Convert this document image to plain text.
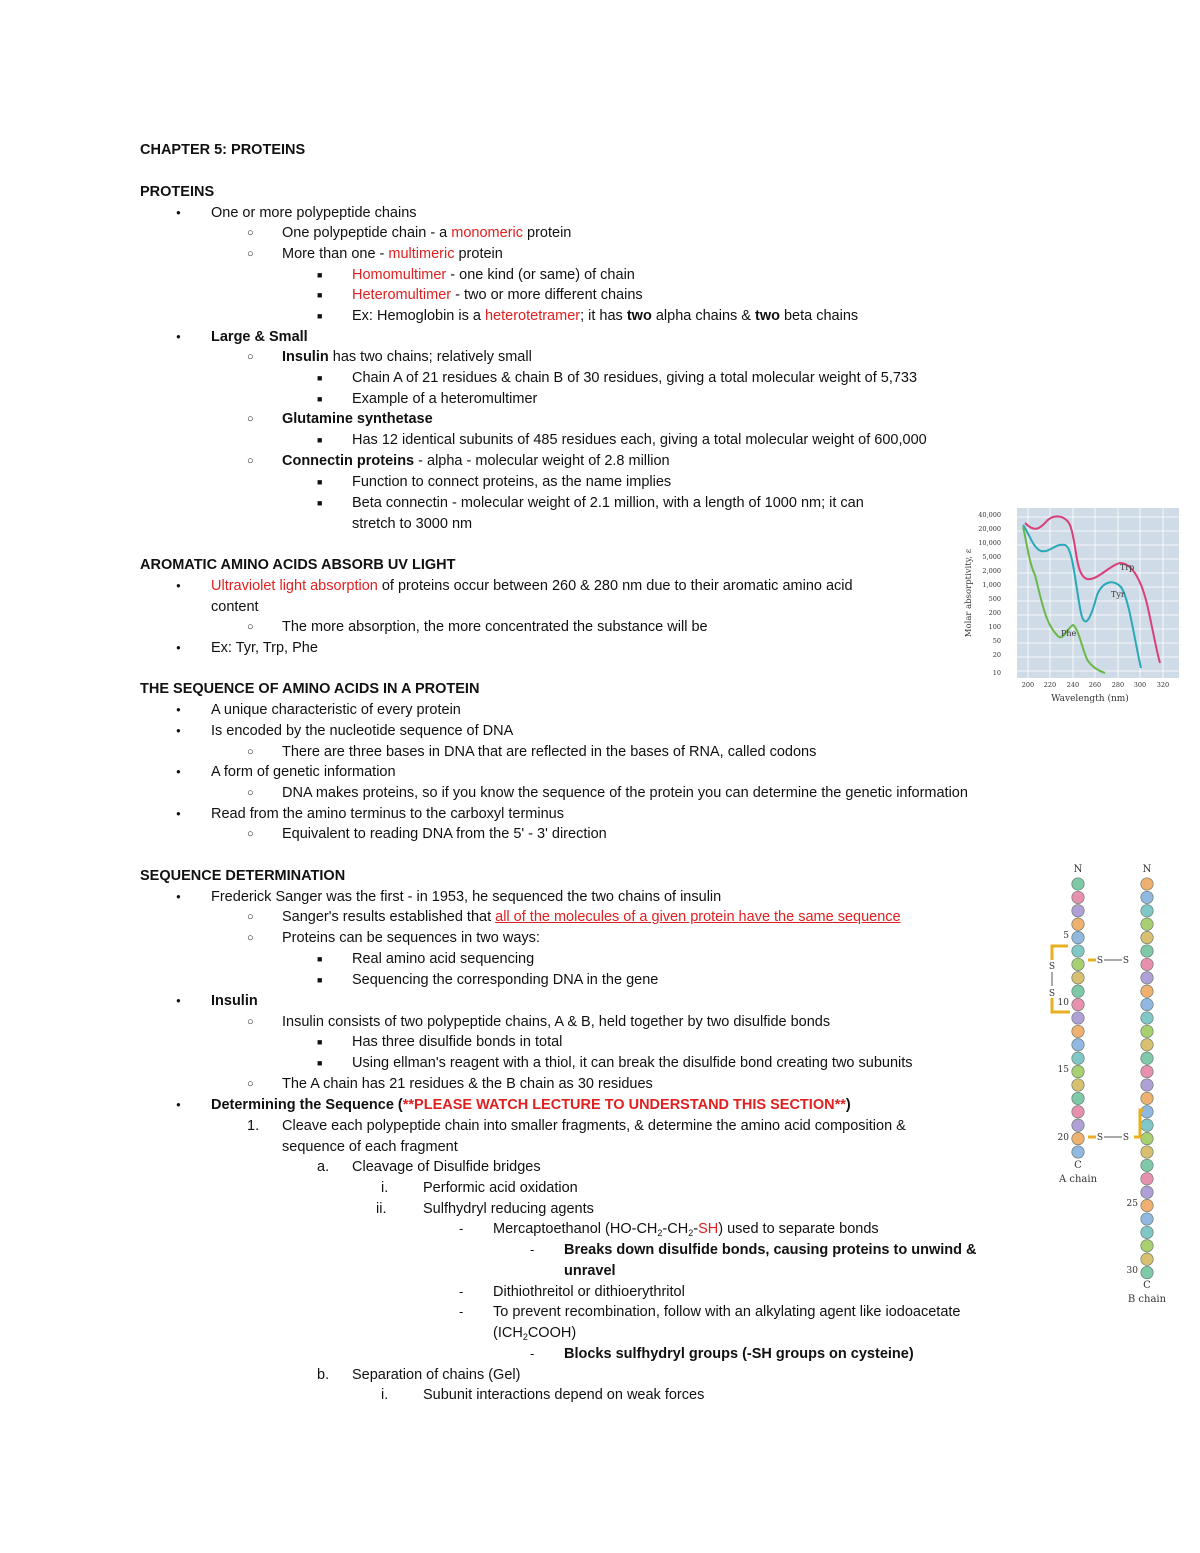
CHAPTER 5: PROTEINS
PROTEINS
●
One or more polypeptide chains
○
One polypeptide chain - a monomeric protein
○
More than one - multimeric protein
■
Homomultimer - one kind (or same) of chain
■
Heteromultimer - two or more different chains
■
Ex: Hemoglobin is a heterotetramer; it has two alpha chains & two beta chains
●
Large & Small
○
Insulin has two chains; relatively small
■
Chain A of 21 residues & chain B of 30 residues, giving a total molecular weight of 5,733
■
Example of a heteromultimer
○
Glutamine synthetase
■
Has 12 identical subunits of 485 residues each, giving a total molecular weight of 600,000
○
Connectin proteins - alpha - molecular weight of 2.8 million
■
Function to connect proteins, as the name implies
■
Beta connectin - molecular weight of 2.1 million, with a length of 1000 nm; it can
stretch to 3000 nm
AROMATIC AMINO ACIDS ABSORB UV LIGHT
●
Ultraviolet light absorption of proteins occur between 260 & 280 nm due to their aromatic amino acid
content
○
The more absorption, the more concentrated the substance will be
●
Ex: Tyr, Trp, Phe
THE SEQUENCE OF AMINO ACIDS IN A PROTEIN
●
A unique characteristic of every protein
●
Is encoded by the nucleotide sequence of DNA
○
There are three bases in DNA that are reflected in the bases of RNA, called codons
●
A form of genetic information
○
DNA makes proteins, so if you know the sequence of the protein you can determine the genetic information
●
Read from the amino terminus to the carboxyl terminus
○
Equivalent to reading DNA from the 5' - 3' direction
SEQUENCE DETERMINATION
●
Frederick Sanger was the first - in 1953, he sequenced the two chains of insulin
○
Sanger's results established that all of the molecules of a given protein have the same sequence
○
Proteins can be sequences in two ways:
■
Real amino acid sequencing
■
Sequencing the corresponding DNA in the gene
●
Insulin
○
Insulin consists of two polypeptide chains, A & B, held together by two disulfide bonds
■
Has three disulfide bonds in total
■
Using ellman's reagent with a thiol, it can break the disulfide bond creating two subunits
○
The A chain has 21 residues & the B chain as 30 residues
●
Determining the Sequence (**PLEASE WATCH LECTURE TO UNDERSTAND THIS SECTION**)
1. Cleave each polypeptide chain into smaller fragments, & determine the amino acid composition &
sequence of each fragment
a. Cleavage of Disulfide bridges
i. Performic acid oxidation
ii.	Sulfhydryl reducing agents
-
Mercaptoethanol $(HO-CH_2-CH_2-SH)$ used to separate bonds
-
Breaks down disulfide bonds, causing proteins to unwind &
unravel
-
Dithiothreitol or dithioerythritol
-
To prevent recombination, follow with an alkylating agent like iodoacetate
$(ICH_2COOH)$
-
Blocks sulfhydryl groups (-SH groups on cysteine)
b. Separation of chains (Gel)
i. Subunit interactions depend on weak forces
Trp
Tyr
Phe
40,000
20,000
10,000
5,000
2,000
1,000
500
200
100
50
20
10
200 220 240 260 280 300 320
Wavelength (nm)
Molar absorptivity, ε
N	N
S
S
S S
S S
5
10
15
20
25
30
C
A chain
C
B chain
